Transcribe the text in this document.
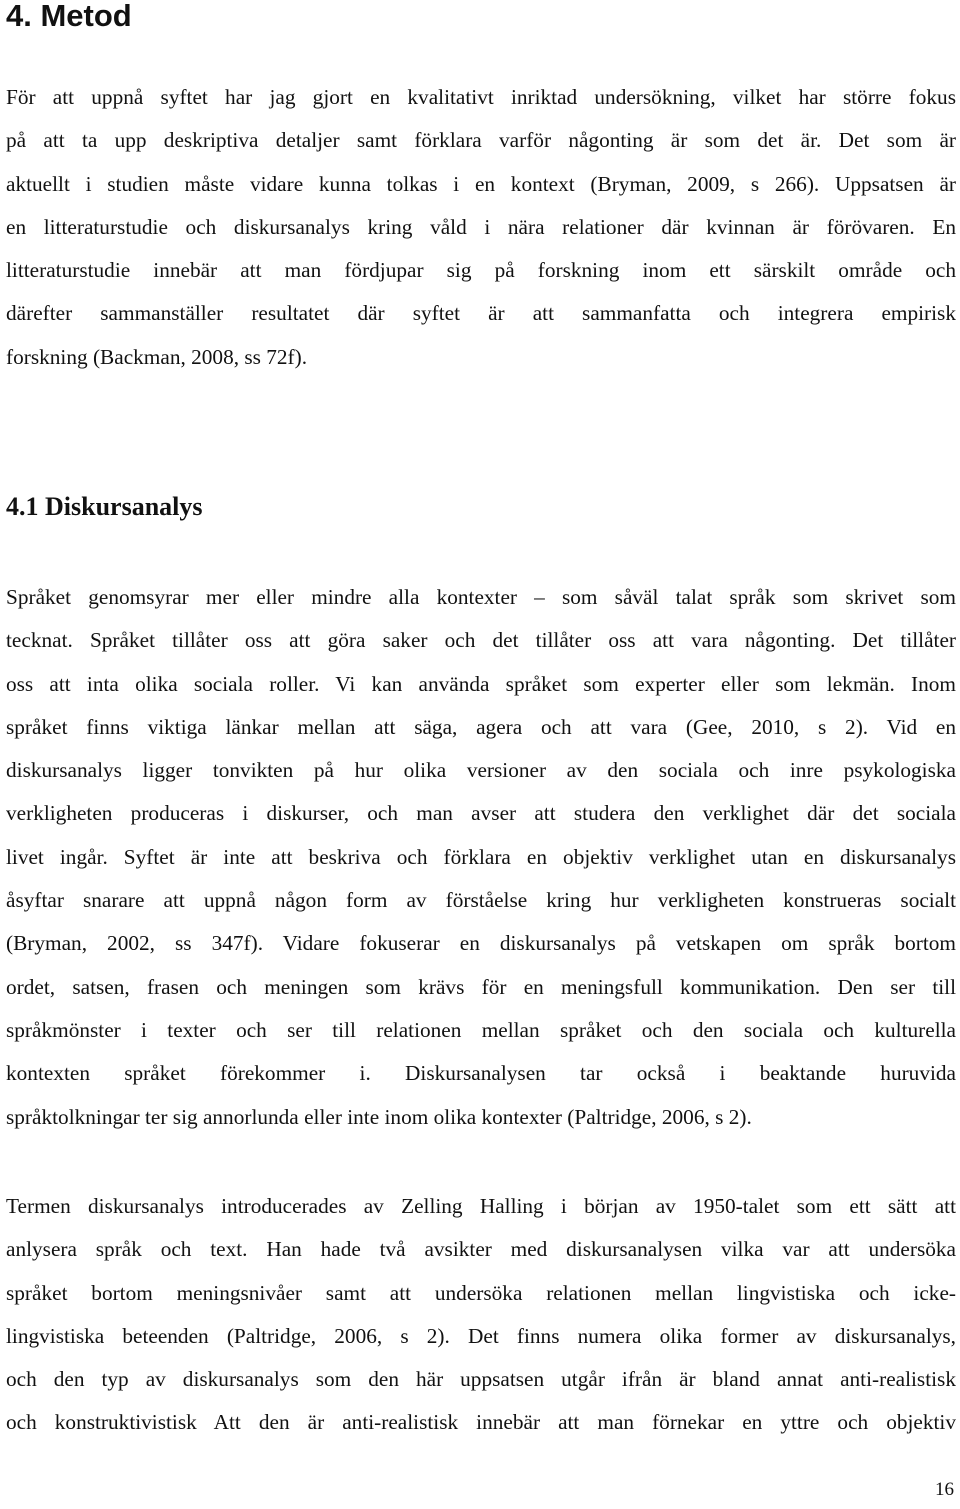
4. Metod

För att uppnå syftet har jag gjort en kvalitativt inriktad undersökning, vilket har större fokus
på att ta upp deskriptiva detaljer samt förklara varför någonting är som det är. Det som är
aktuellt i studien måste vidare kunna tolkas i en kontext (Bryman, 2009, s 266). Uppsatsen är
en litteraturstudie och diskursanalys kring våld i nära relationer där kvinnan är förövaren. En
litteraturstudie innebär att man fördjupar sig på forskning inom ett särskilt område och
därefter sammanställer resultatet där syftet är att sammanfatta och integrera empirisk
forskning (Backman, 2008, ss 72f).

4.1 Diskursanalys

Språket genomsyrar mer eller mindre alla kontexter – som såväl talat språk som skrivet som
tecknat. Språket tillåter oss att göra saker och det tillåter oss att vara någonting. Det tillåter
oss att inta olika sociala roller. Vi kan använda språket som experter eller som lekmän. Inom
språket finns viktiga länkar mellan att säga, agera och att vara (Gee, 2010, s 2). Vid en
diskursanalys ligger tonvikten på hur olika versioner av den sociala och inre psykologiska
verkligheten produceras i diskurser, och man avser att studera den verklighet där det sociala
livet ingår. Syftet är inte att beskriva och förklara en objektiv verklighet utan en diskursanalys
åsyftar snarare att uppnå någon form av förståelse kring hur verkligheten konstrueras socialt
(Bryman, 2002, ss 347f). Vidare fokuserar en diskursanalys på vetskapen om språk bortom
ordet, satsen, frasen och meningen som krävs för en meningsfull kommunikation. Den ser till
språkmönster i texter och ser till relationen mellan språket och den sociala och kulturella
kontexten språket förekommer i. Diskursanalysen tar också i beaktande huruvida
språktolkningar ter sig annorlunda eller inte inom olika kontexter (Paltridge, 2006, s 2).

Termen diskursanalys introducerades av Zelling Halling i början av 1950-talet som ett sätt att
anlysera språk och text. Han hade två avsikter med diskursanalysen vilka var att undersöka
språket bortom meningsnivåer samt att undersöka relationen mellan lingvistiska och icke-
lingvistiska beteenden (Paltridge, 2006, s 2). Det finns numera olika former av diskursanalys,
och den typ av diskursanalys som den här uppsatsen utgår ifrån är bland annat anti-realistisk
och konstruktivistisk Att den är anti-realistisk innebär att man förnekar en yttre och objektiv

16
